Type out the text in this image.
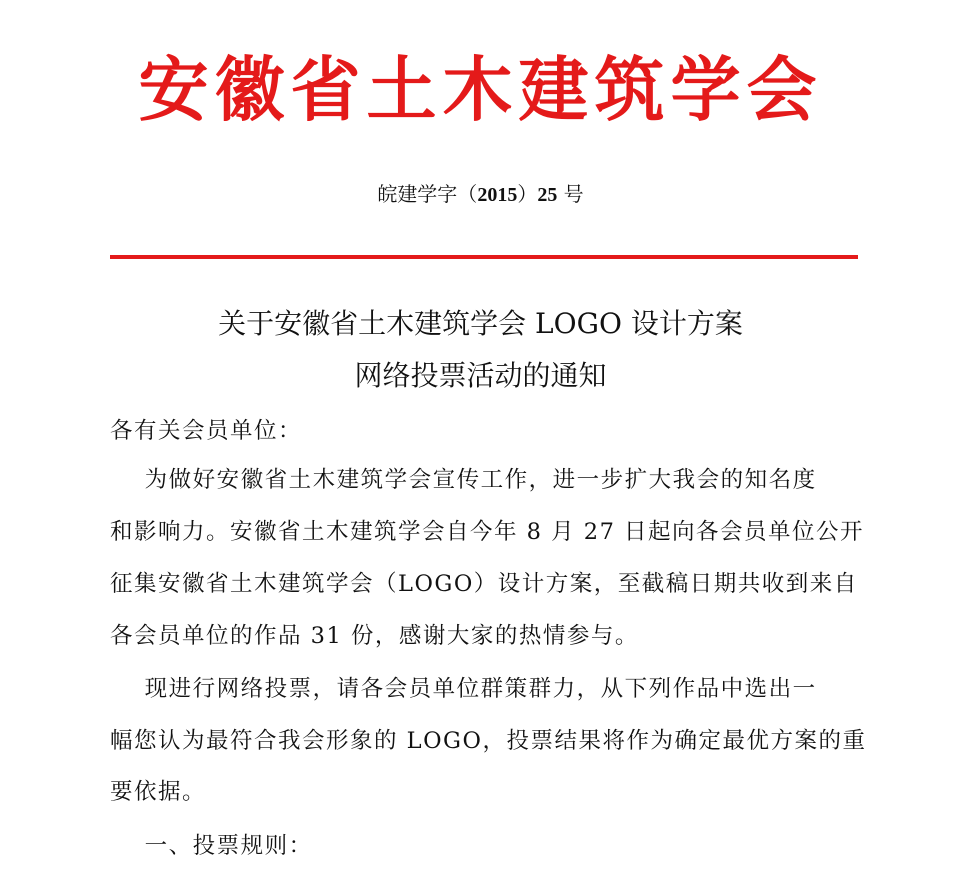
安徽省土木建筑学会
皖建学字（2015）25 号
关于安徽省土木建筑学会 LOGO 设计方案
网络投票活动的通知
各有关会员单位：
为做好安徽省土木建筑学会宣传工作，进一步扩大我会的知名度
和影响力。安徽省土木建筑学会自今年 8 月 27 日起向各会员单位公开
征集安徽省土木建筑学会（LOGO）设计方案，至截稿日期共收到来自
各会员单位的作品 31 份，感谢大家的热情参与。
现进行网络投票，请各会员单位群策群力，从下列作品中选出一
幅您认为最符合我会形象的 LOGO，投票结果将作为确定最优方案的重
要依据。
一、投票规则：
